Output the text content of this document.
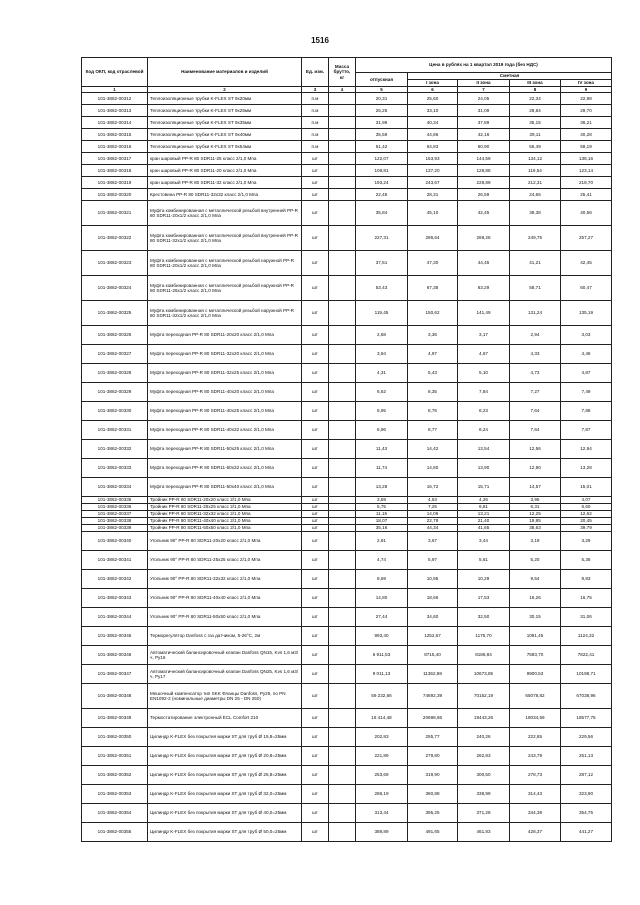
1516
Код ОКП, код отраслевой	Наименование материалов и изделий	Ед. изм.	Масса брутто, кг	Цена в рублях на 1 квартал 2019 года (без НДС)				
				отпускная	Сметная			
					I зона	II зона	III зона	IV зона
1	2	3	4	5	6	7	8	9
101-3862-00312	Теплоизоляционные трубки K-FLEX ST 9x20мм	п.м		20,31	25,60	24,05	22,34	22,98
101-3862-00313	Теплоизоляционные трубки K-FLEX ST 9x25мм	п.м		26,25	33,10	31,09	28,84	29,70
101-3862-00314	Теплоизоляционные трубки K-FLEX ST 9x35мм	п.м		31,99	40,34	37,89	35,15	36,21
101-3862-00315	Теплоизоляционные трубки K-FLEX ST 9x40мм	п.м		35,59	44,86	42,16	39,11	40,28
101-3862-00316	Теплоизоляционные трубки K-FLEX ST 9x54мм	п.м		51,42	64,83	60,90	56,49	58,19
101-3862-00317	кран шаровый PP-R 80 SDR11-25 класс 2/1,0 Мпа	шт		122,07	153,93	144,59	134,12	138,16
101-3862-00318	кран шаровый PP-R 80 SDR11-20 класс 2/1,0 Мпа	шт		108,81	137,20	128,88	119,54	123,14
101-3862-00319	кран шаровый PP-R 80 SDR11-32 класс 2/1,0 Мпа	шт		193,24	243,67	228,89	212,31	218,70
101-3862-00320	Крестовина PP-R 80 SDR11-32x32 класс 2/1,0 Мпа	шт		22,45	28,31	26,59	24,66	25,41
101-3862-00321	Муфта комбинированная с металлической резьбой внутренней PP-R 80 SDR11-20x1/2 класс 2/1,0 Мпа	шт		35,84	45,10	42,45	39,38	40,56
101-3862-00322	Муфта комбинированная с металлической резьбой внутренней PP-R 80 SDR11-32x1/2 класс 2/1,0 Мпа	шт		227,31	286,64	269,26	249,75	257,27
101-3862-00323	Муфта комбинированная с металлической резьбой наружной PP-R 80 SDR11-20x1/2 класс 2/1,0 Мпа	шт		37,51	47,30	44,45	41,21	42,45
101-3862-00324	Муфта комбинированная с металлической резьбой наружной PP-R 80 SDR11-25x1/2 класс 2/1,0 Мпа	шт		53,43	67,38	63,29	58,71	60,47
101-3862-00325	Муфта комбинированная с металлической резьбой наружной PP-R 80 SDR11-32x1/2 класс 2/1,0 Мпа	шт		119,45	150,62	141,49	131,24	135,19
101-3862-00326	Муфта переходная PP-R 80 SDR11-20x20 класс 2/1,0 Мпа	шт		2,68	3,36	3,17	2,94	3,03
101-3862-00327	Муфта переходная PP-R 80 SDR11-32x20 класс 2/1,0 Мпа	шт		3,94	4,97	4,67	4,33	4,46
101-3862-00328	Муфта переходная PP-R 80 SDR11-32x25 класс 2/1,0 Мпа	шт		4,31	5,43	5,10	4,73	4,87
101-3862-00329	Муфта переходная PP-R 80 SDR11-40x20 класс 2/1,0 Мпа	шт		6,62	8,35	7,84	7,27	7,49
101-3862-00330	Муфта переходная PP-R 80 SDR11-40x25 класс 2/1,0 Мпа	шт		6,95	8,76	8,23	7,64	7,86
101-3862-00331	Муфта переходная PP-R 80 SDR11-40x32 класс 2/1,0 Мпа	шт		6,96	8,77	8,24	7,64	7,87
101-3862-00332	Муфта переходная PP-R 80 SDR11-50x25 класс 2/1,0 Мпа	шт		11,43	14,42	13,54	12,56	12,94
101-3862-00333	Муфта переходная PP-R 80 SDR11-50x32 класс 2/1,0 Мпа	шт		11,74	14,80	13,90	12,90	13,28
101-3862-00334	Муфта переходная PP-R 80 SDR11-50x40 класс 2/1,0 Мпа	шт		13,28	16,72	15,71	14,57	15,01
101-3862-00335	Тройник PP-R 80 SDR11-20x20 класс 2/1,0 Мпа	шт		3,59	4,53	4,26	3,95	4,07
101-3862-00336	Тройник PP-R 80 SDR11-25x25 класс 2/1,0 Мпа	шт		5,75	7,25	6,81	6,31	6,50
101-3862-00337	Тройник PP-R 80 SDR11-32x32 класс 2/1,0 Мпа	шт		11,15	14,06	13,21	12,25	12,62
101-3862-00338	Тройник PP-R 80 SDR11-40x40 класс 2/1,0 Мпа	шт		18,07	22,78	21,40	19,85	20,45
101-3862-00339	Тройник PP-R 80 SDR11-50x50 класс 2/1,0 Мпа	шт		35,16	44,34	41,65	38,63	39,79
101-3862-00340	Угольник 90° PP-R 80 SDR11-20x20 класс 2/1,0 Мпа	шт		2,91	3,67	3,44	3,19	3,29
101-3862-00341	Угольник 90° PP-R 80 SDR11-25x25 класс 2/1,0 Мпа	шт		4,74	5,97	5,61	5,20	5,36
101-3862-00342	Угольник 90° PP-R 80 SDR11-32x32 класс 2/1,0 Мпа	шт		8,69	10,95	10,29	9,54	9,83
101-3862-00343	Угольник 90° PP-R 80 SDR11-40x40 класс 2/1,0 Мпа	шт		14,80	18,66	17,53	16,26	16,75
101-3862-00344	Угольник 90° PP-R 80 SDR11-50x50 класс 2/1,0 Мпа	шт		27,44	34,60	32,50	30,15	31,06
101-3862-00345	Терморегулятор Danfoss с газ датчиком, 5-26°С, 2м	шт		993,40	1252,67	1176,70	1091,45	1124,32
101-3862-00346	Автоматический балансировочный клапан Danfoss QN15, Kvs 1,6 м3/ч, Ру16	шт		6 911,53	8715,40	8186,84	7593,70	7822,41
101-3862-00347	Автоматический балансировочный клапан Danfoss QN25, Kvs 1,6 м3/ч, Ру17	шт		9 011,13	11362,98	10673,85	9900,53	10198,71
101-3862-00348	Мешочный компенсатор тип SKK Фланцы Danfoss, Ру25, по PN EN1092-2 (номинальные диаметры DN 25 - DN 250)	шт		59 232,66	74692,39	70162,19	65078,82	67038,96
101-3862-00349	Термостатирование электронный ECL Comfort 210	шт		16 414,48	20698,66	19443,26	18034,59	18577,75
101-3862-00350	Цилиндр K-FLEX без покрытия марки ST для труб Ø 15,8=25мм	шт		202,83	255,77	240,26	222,85	229,56
101-3862-00351	Цилиндр K-FLEX без покрытия марки ST для труб Ø 20,8=25мм	шт		221,89	279,80	262,83	243,79	251,13
101-3862-00352	Цилиндр K-FLEX без покрытия марки ST для труб Ø 25,8=25мм	шт		253,69	319,90	300,50	278,73	287,12
101-3862-00353	Цилиндр K-FLEX без покрытия марки ST для труб Ø 32,0=25мм	шт		286,19	360,88	338,99	314,43	323,90
101-3862-00354	Цилиндр K-FLEX без покрытия марки ST для труб Ø 40,0=25мм	шт		313,44	395,25	371,28	344,38	354,75
101-3862-00355	Цилиндр K-FLEX без покрытия марки ST для труб Ø 50,0=25мм	шт		389,89	491,65	461,83	428,37	441,27
